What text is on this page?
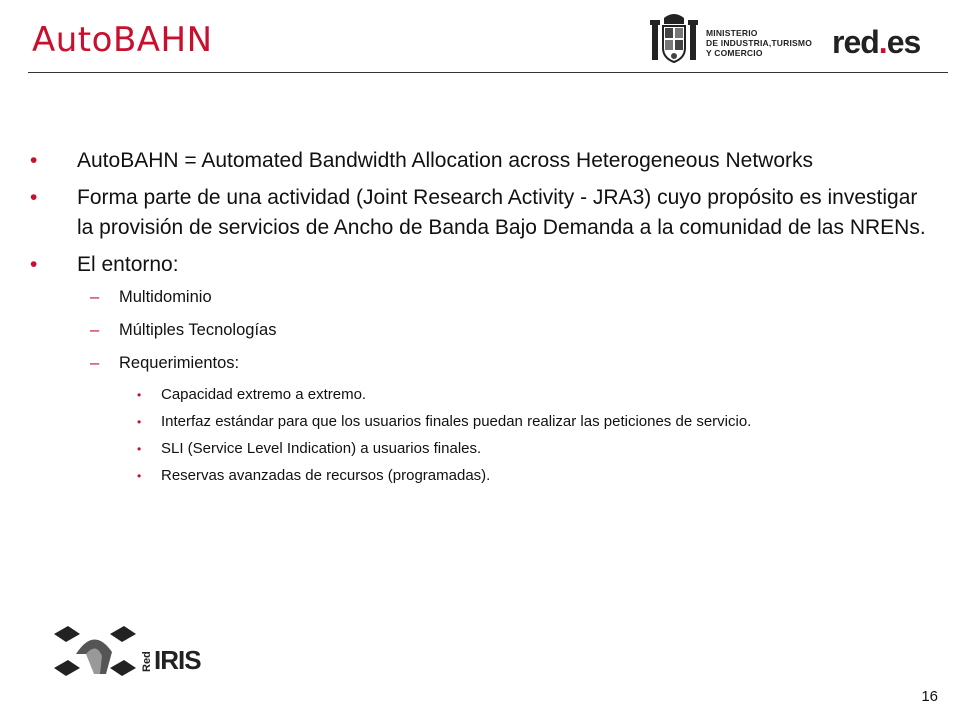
AutoBAHN	MINISTERIO
DE INDUSTRIA,TURISMO
Y COMERCIO	red.es
• AutoBAHN = Automated Bandwidth Allocation across Heterogeneous Networks
• Forma parte de una actividad (Joint Research Activity - JRA3) cuyo propósito es investigar la provisión de servicios de Ancho de Banda Bajo Demanda a la comunidad de las NRENs.
• El entorno:
– Multidominio
– Múltiples Tecnologías
– Requerimientos:
• Capacidad extremo a extremo.
• Interfaz estándar para que los usuarios finales puedan realizar las peticiones de servicio.
• SLI (Service Level Indication) a usuarios finales.
• Reservas avanzadas de recursos (programadas).
Red IRIS
16
